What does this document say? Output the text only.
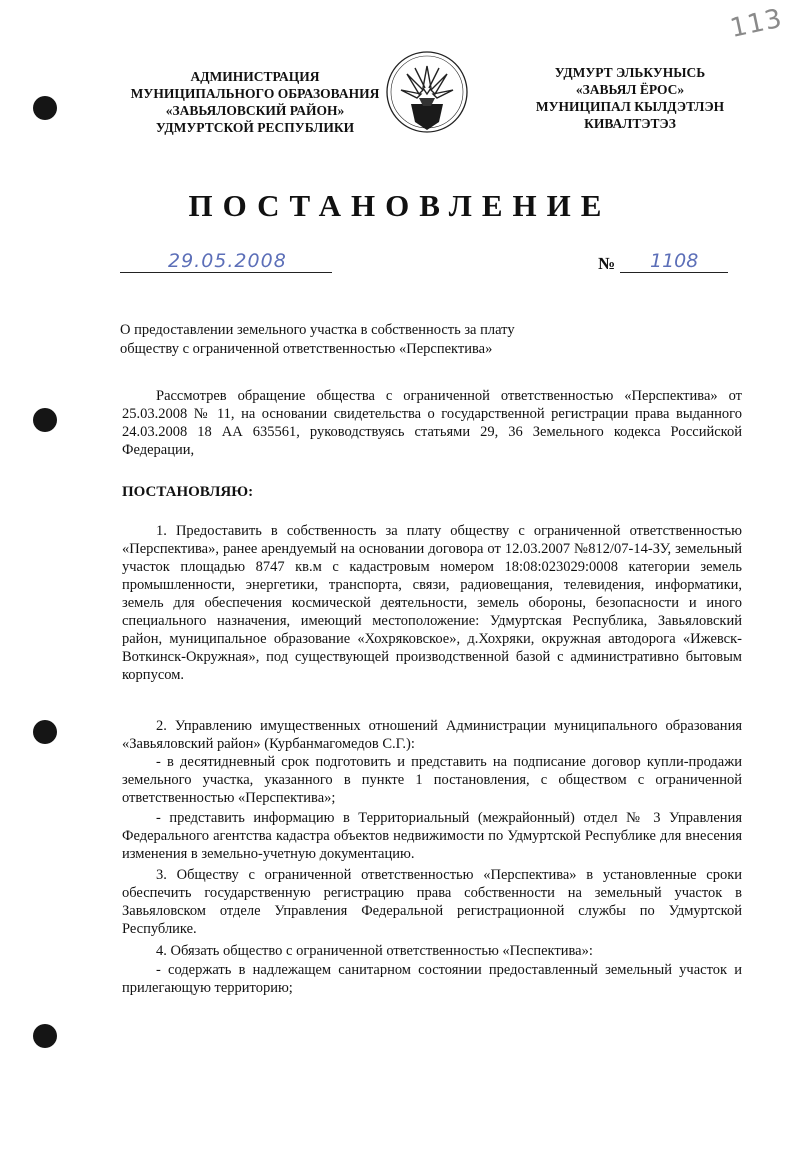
113
АДМИНИСТРАЦИЯ
МУНИЦИПАЛЬНОГО ОБРАЗОВАНИЯ
«ЗАВЬЯЛОВСКИЙ РАЙОН»
УДМУРТСКОЙ РЕСПУБЛИКИ
УДМУРТ ЭЛЬКУНЫСЬ
«ЗАВЬЯЛ ЁРОС»
МУНИЦИПАЛ КЫЛДЭТЛЭН
КИВАЛТЭТЭЗ
ПОСТАНОВЛЕНИЕ
29.05.2008	№ 1108
О предоставлении земельного участка в собственность за плату
обществу с ограниченной ответственностью «Перспектива»
Рассмотрев обращение общества с ограниченной ответственностью «Перспектива» от 25.03.2008 № 11, на основании свидетельства о государственной регистрации права выданного 24.03.2008 18 АА 635561, руководствуясь статьями 29, 36 Земельного кодекса Российской Федерации,
ПОСТАНОВЛЯЮ:
1. Предоставить в собственность за плату обществу с ограниченной ответственностью «Перспектива», ранее арендуемый на основании договора от 12.03.2007 №812/07-14-ЗУ, земельный участок площадью 8747 кв.м с кадастровым номером 18:08:023029:0008 категории земель промышленности, энергетики, транспорта, связи, радиовещания, телевидения, информатики, земель для обеспечения космической деятельности, земель обороны, безопасности и иного специального назначения, имеющий местоположение: Удмуртская Республика, Завьяловский район, муниципальное образование «Хохряковское», д.Хохряки, окружная автодорога «Ижевск-Воткинск-Окружная», под существующей производственной базой с административно бытовым корпусом.
2. Управлению имущественных отношений Администрации муниципального образования «Завьяловский район» (Курбанмагомедов С.Г.):
- в десятидневный срок подготовить и представить на подписание договор купли-продажи земельного участка, указанного в пункте 1 постановления, с обществом с ограниченной ответственностью «Перспектива»;
- представить информацию в Территориальный (межрайонный) отдел № 3 Управления Федерального агентства кадастра объектов недвижимости по Удмуртской Республике для внесения изменения в земельно-учетную документацию.
3. Обществу с ограниченной ответственностью «Перспектива» в установленные сроки обеспечить государственную регистрацию права собственности на земельный участок в Завьяловском отделе Управления Федеральной регистрационной службы по Удмуртской Республике.
4. Обязать общество с ограниченной ответственностью «Песпектива»:
- содержать в надлежащем санитарном состоянии предоставленный земельный участок и прилегающую территорию;
